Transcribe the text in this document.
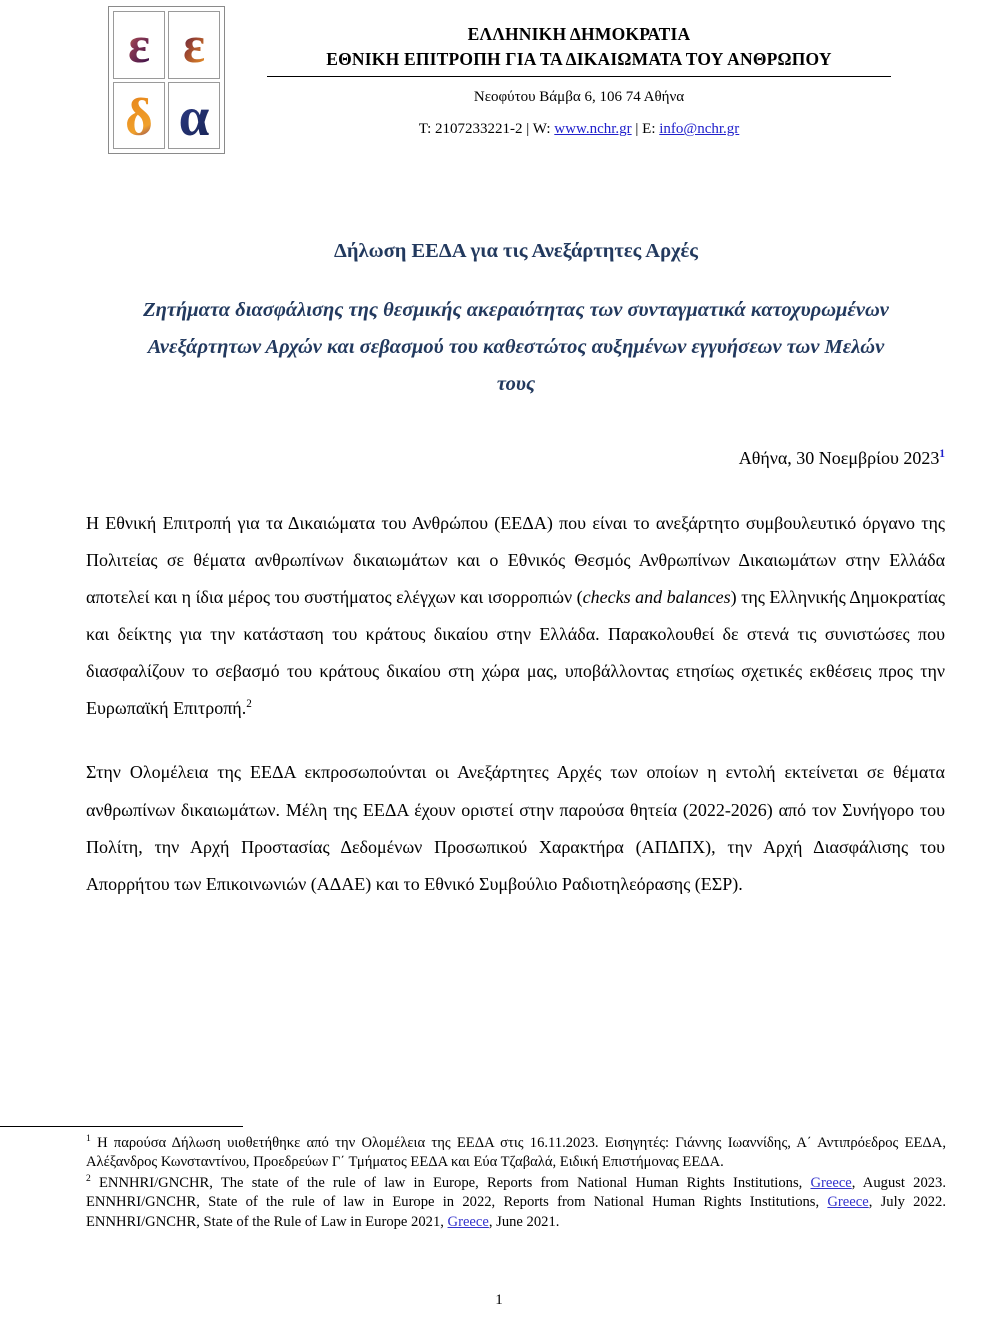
ε ε
δ α
ΕΛΛΗΝΙΚΗ ΔΗΜΟΚΡΑΤΙΑ
ΕΘΝΙΚΗ ΕΠΙΤΡΟΠΗ ΓΙΑ ΤΑ ΔΙΚΑΙΩΜΑΤΑ ΤΟΥ ΑΝΘΡΩΠΟΥ
Νεοφύτου Βάμβα 6, 106 74 Αθήνα
T: 2107233221-2 | W: www.nchr.gr | E: info@nchr.gr
Δήλωση ΕΕΔΑ για τις Ανεξάρτητες Αρχές
Ζητήματα διασφάλισης της θεσμικής ακεραιότητας των συνταγματικά κατοχυρωμένων Ανεξάρτητων Αρχών και σεβασμού του καθεστώτος αυξημένων εγγυήσεων των Μελών τους
Αθήνα, 30 Νοεμβρίου 2023$^1$

Η Εθνική Επιτροπή για τα Δικαιώματα του Ανθρώπου (ΕΕΔΑ) που είναι το ανεξάρτητο συμβουλευτικό όργανο της Πολιτείας σε θέματα ανθρωπίνων δικαιωμάτων και ο Εθνικός Θεσμός Ανθρωπίνων Δικαιωμάτων στην Ελλάδα αποτελεί και η ίδια μέρος του συστήματος ελέγχων και ισορροπιών (checks and balances) της Ελληνικής Δημοκρατίας και δείκτης για την κατάσταση του κράτους δικαίου στην Ελλάδα. Παρακολουθεί δε στενά τις συνιστώσες που διασφαλίζουν το σεβασμό του κράτους δικαίου στη χώρα μας, υποβάλλοντας ετησίως σχετικές εκθέσεις προς την Ευρωπαϊκή Επιτροπή.$^2$

Στην Ολομέλεια της ΕΕΔΑ εκπροσωπούνται οι Ανεξάρτητες Αρχές των οποίων η εντολή εκτείνεται σε θέματα ανθρωπίνων δικαιωμάτων. Μέλη της ΕΕΔΑ έχουν οριστεί στην παρούσα θητεία (2022-2026) από τον Συνήγορο του Πολίτη, την Αρχή Προστασίας Δεδομένων Προσωπικού Χαρακτήρα (ΑΠΔΠΧ), την Αρχή Διασφάλισης του Απορρήτου των Επικοινωνιών (ΑΔΑΕ) και το Εθνικό Συμβούλιο Ραδιοτηλεόρασης (ΕΣΡ).

$^1$ Η παρούσα Δήλωση υιοθετήθηκε από την Ολομέλεια της ΕΕΔΑ στις 16.11.2023. Εισηγητές: Γιάννης Ιωαννίδης, Α΄ Αντιπρόεδρος ΕΕΔΑ, Αλέξανδρος Κωνσταντίνου, Προεδρεύων Γ΄ Τμήματος ΕΕΔΑ και Εύα Τζαβαλά, Ειδική Επιστήμονας ΕΕΔΑ.

$^2$ ENNHRI/GNCHR, The state of the rule of law in Europe, Reports from National Human Rights Institutions, Greece, August 2023. ENNHRI/GNCHR, State of the rule of law in Europe in 2022, Reports from National Human Rights Institutions, Greece, July 2022. ENNHRI/GNCHR, State of the Rule of Law in Europe 2021, Greece, June 2021.

1
